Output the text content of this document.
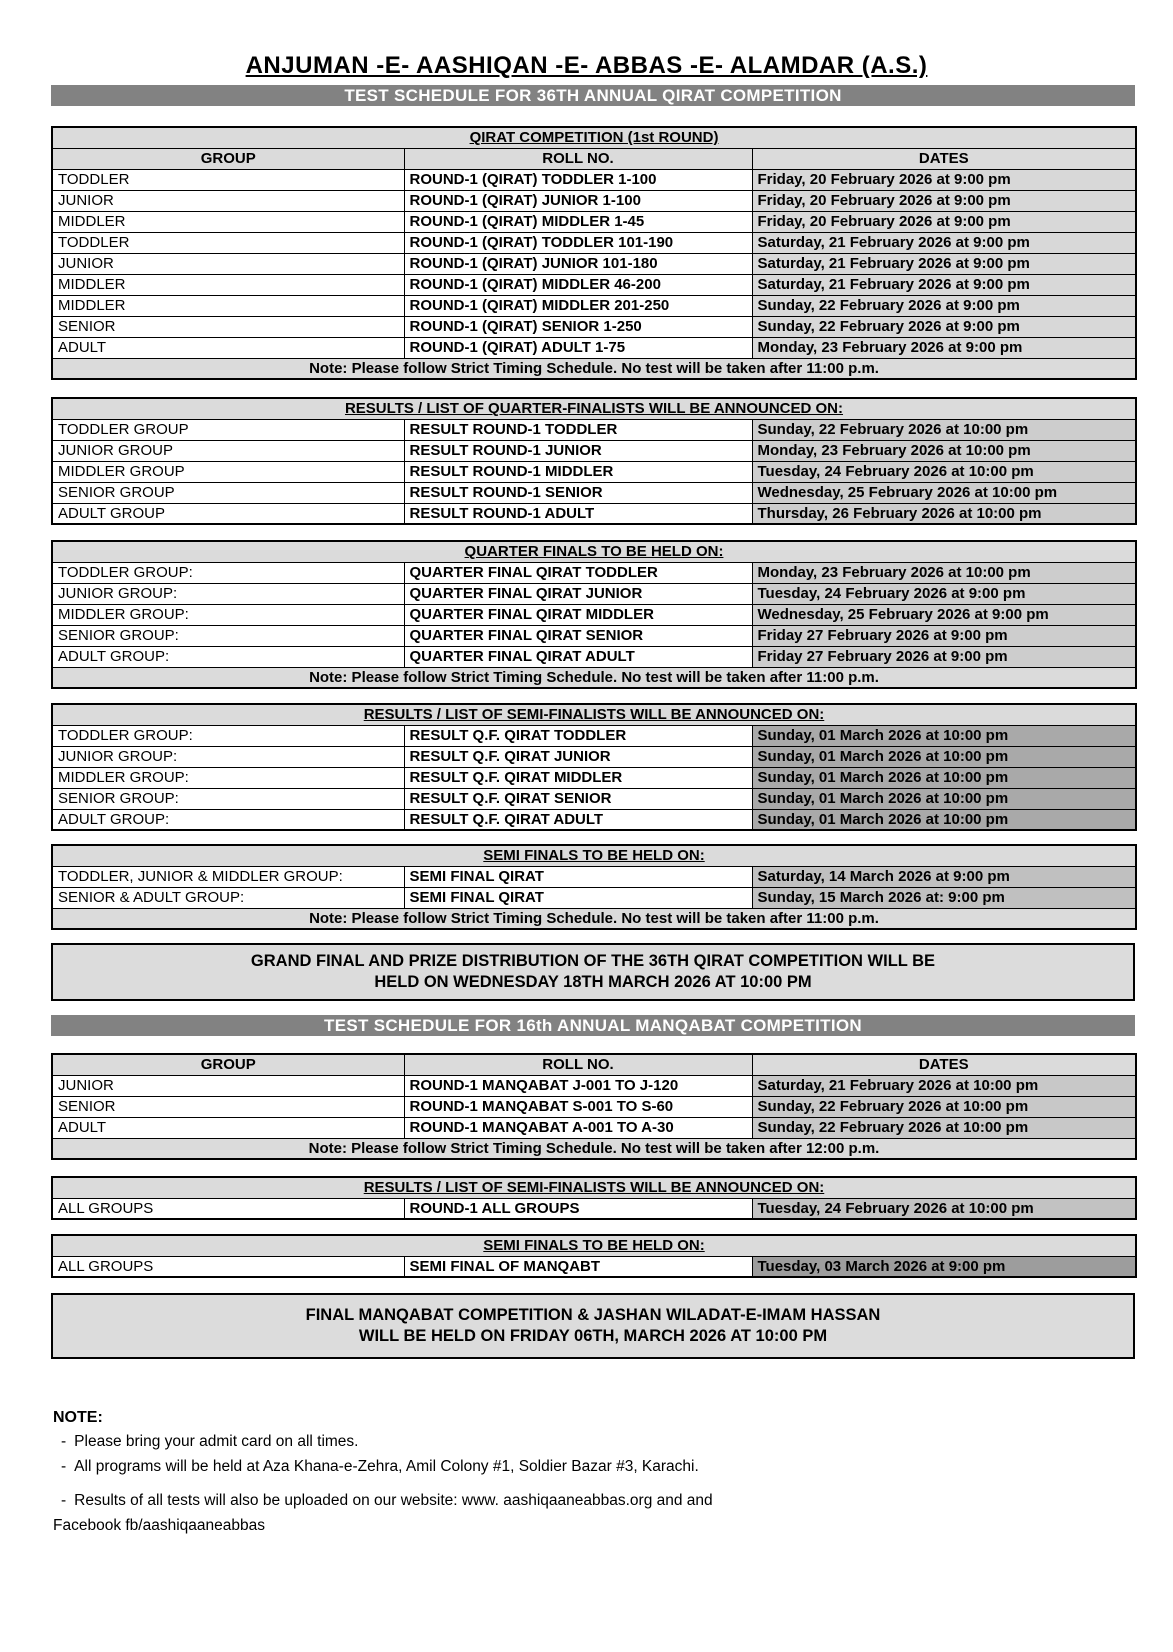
ANJUMAN -E- AASHIQAN -E- ABBAS -E- ALAMDAR (A.S.)
TEST SCHEDULE FOR 36TH ANNUAL QIRAT COMPETITION
QIRAT COMPETITION (1st ROUND)		
GROUP	ROLL NO.	DATES
TODDLER	ROUND-1 (QIRAT) TODDLER 1-100	Friday, 20 February 2026 at 9:00 pm
JUNIOR	ROUND-1 (QIRAT) JUNIOR 1-100	Friday, 20 February 2026 at 9:00 pm
MIDDLER	ROUND-1 (QIRAT) MIDDLER 1-45	Friday, 20 February 2026 at 9:00 pm
TODDLER	ROUND-1 (QIRAT) TODDLER 101-190	Saturday, 21 February 2026 at 9:00 pm
JUNIOR	ROUND-1 (QIRAT) JUNIOR 101-180	Saturday, 21 February 2026 at 9:00 pm
MIDDLER	ROUND-1 (QIRAT) MIDDLER 46-200	Saturday, 21 February 2026 at 9:00 pm
MIDDLER	ROUND-1 (QIRAT) MIDDLER 201-250	Sunday, 22 February 2026 at 9:00 pm
SENIOR	ROUND-1 (QIRAT) SENIOR 1-250	Sunday, 22 February 2026 at 9:00 pm
ADULT	ROUND-1 (QIRAT) ADULT 1-75	Monday, 23 February 2026 at 9:00 pm
Note: Please follow Strict Timing Schedule. No test will be taken after 11:00 p.m.		
RESULTS / LIST OF QUARTER-FINALISTS WILL BE ANNOUNCED ON:		
TODDLER GROUP	RESULT ROUND-1 TODDLER	Sunday, 22 February 2026 at 10:00 pm
JUNIOR GROUP	RESULT ROUND-1 JUNIOR	Monday, 23 February 2026 at 10:00 pm
MIDDLER GROUP	RESULT ROUND-1 MIDDLER	Tuesday, 24 February 2026 at 10:00 pm
SENIOR GROUP	RESULT ROUND-1 SENIOR	Wednesday, 25 February 2026 at 10:00 pm
ADULT GROUP	RESULT ROUND-1 ADULT	Thursday, 26 February 2026 at 10:00 pm
QUARTER FINALS TO BE HELD ON:		
TODDLER GROUP:	QUARTER FINAL QIRAT TODDLER	Monday, 23 February 2026 at 10:00 pm
JUNIOR GROUP:	QUARTER FINAL QIRAT JUNIOR	Tuesday, 24 February 2026 at 9:00 pm
MIDDLER GROUP:	QUARTER FINAL QIRAT MIDDLER	Wednesday, 25 February 2026 at 9:00 pm
SENIOR GROUP:	QUARTER FINAL QIRAT SENIOR	Friday 27 February 2026 at 9:00 pm
ADULT GROUP:	QUARTER FINAL QIRAT ADULT	Friday 27 February 2026 at 9:00 pm
Note: Please follow Strict Timing Schedule. No test will be taken after 11:00 p.m.		
RESULTS / LIST OF SEMI-FINALISTS WILL BE ANNOUNCED ON:		
TODDLER GROUP:	RESULT Q.F. QIRAT TODDLER	Sunday, 01 March 2026 at 10:00 pm
JUNIOR GROUP:	RESULT Q.F. QIRAT JUNIOR	Sunday, 01 March 2026 at 10:00 pm
MIDDLER GROUP:	RESULT Q.F. QIRAT MIDDLER	Sunday, 01 March 2026 at 10:00 pm
SENIOR GROUP:	RESULT Q.F. QIRAT SENIOR	Sunday, 01 March 2026 at 10:00 pm
ADULT GROUP:	RESULT Q.F. QIRAT ADULT	Sunday, 01 March 2026 at 10:00 pm
SEMI FINALS TO BE HELD ON:		
TODDLER, JUNIOR & MIDDLER GROUP:	SEMI FINAL QIRAT	Saturday, 14 March 2026 at 9:00 pm
SENIOR & ADULT GROUP:	SEMI FINAL QIRAT	Sunday, 15 March 2026 at: 9:00 pm
Note: Please follow Strict Timing Schedule. No test will be taken after 11:00 p.m.		
GRAND FINAL AND PRIZE DISTRIBUTION OF THE 36TH QIRAT COMPETITION WILL BE
HELD ON WEDNESDAY 18TH MARCH 2026 AT 10:00 PM
TEST SCHEDULE FOR 16th ANNUAL MANQABAT COMPETITION
GROUP	ROLL NO.	DATES
JUNIOR	ROUND-1 MANQABAT J-001 TO J-120	Saturday, 21 February 2026 at 10:00 pm
SENIOR	ROUND-1 MANQABAT S-001 TO S-60	Sunday, 22 February 2026 at 10:00 pm
ADULT	ROUND-1 MANQABAT A-001 TO A-30	Sunday, 22 February 2026 at 10:00 pm
Note: Please follow Strict Timing Schedule. No test will be taken after 12:00 p.m.		
RESULTS / LIST OF SEMI-FINALISTS WILL BE ANNOUNCED ON:
ALL GROUPS	ROUND-1 ALL GROUPS	Tuesday, 24 February 2026 at 10:00 pm
SEMI FINALS TO BE HELD ON:
ALL GROUPS	SEMI FINAL OF MANQABT	Tuesday, 03 March 2026 at 9:00 pm
FINAL MANQABAT COMPETITION & JASHAN WILADAT-E-IMAM HASSAN
WILL BE HELD ON FRIDAY 06TH, MARCH 2026 AT 10:00 PM
NOTE:
- Please bring your admit card on all times.
- All programs will be held at Aza Khana-e-Zehra, Amil Colony #1, Soldier Bazar #3, Karachi.
- Results of all tests will also be uploaded on our website: www. aashiqaaneabbas.org and and
Facebook fb/aashiqaaneabbas
